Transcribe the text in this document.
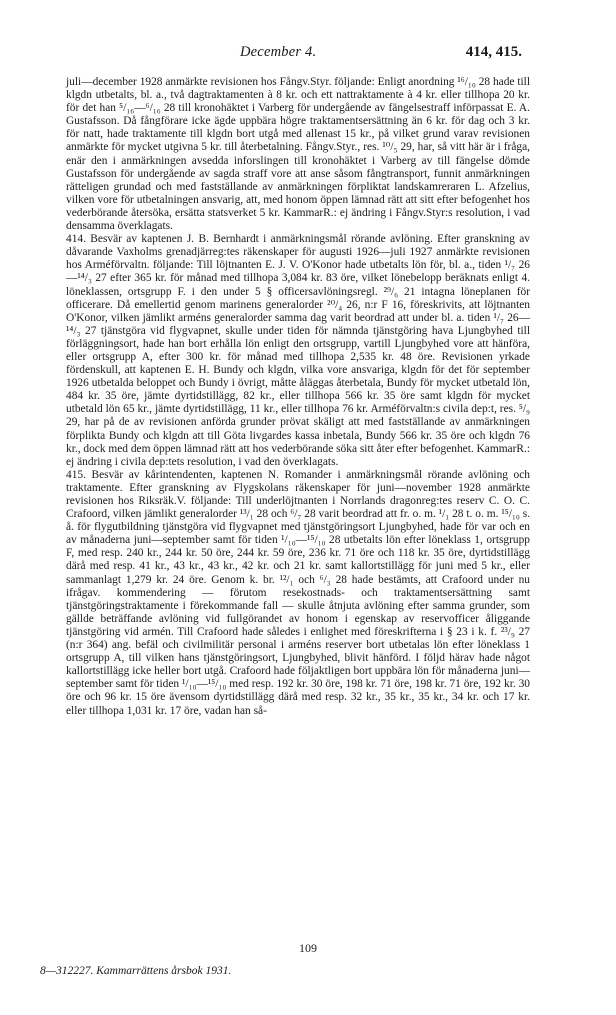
December 4.	414, 415.

juli—december 1928 anmärkte revisionen hos Fångv.Styr. följande: Enligt anordning ¹⁶/₁₀ 28 hade till klgdn utbetalts, bl. a., två dagtraktamenten à 8 kr. och ett nattraktamente à 4 kr. eller tillhopa 20 kr. för det han ⁵/₁₆—⁶/₁₆ 28 till kronohäktet i Varberg för undergående av fängelsestraff införpassat E. A. Gustafsson. Då fångförare icke ägde uppbära högre traktamentsersättning än 6 kr. för dag och 3 kr. för natt, hade traktamente till klgdn bort utgå med allenast 15 kr., på vilket grund varav revisionen anmärkte för mycket utgivna 5 kr. till återbetalning. Fångv.Styr., res. ¹⁰/₅ 29, har, så vitt här är i fråga, enär den i anmärkningen avsedda inforslingen till kronohäktet i Varberg av till fängelse dömde Gustafsson för undergående av sagda straff vore att anse såsom fångtransport, funnit anmärkningen rätteligen grundad och med fastställande av anmärkningen förpliktat landskamreraren L. Afzelius, vilken vore för utbetalningen ansvarig, att, med honom öppen lämnad rätt att sitt efter befogenhet hos vederbörande återsöka, ersätta statsverket 5 kr. KammarR.: ej ändring i Fångv.Styr:s resolution, i vad densamma överklagats.

414. Besvär av kaptenen J. B. Bernhardt i anmärkningsmål rörande avlöning. Efter granskning av dåvarande Vaxholms grenadjärreg:tes räkenskaper för augusti 1926—juli 1927 anmärkte revisionen hos Arméförvaltn. följande: Till löjtnanten E. J. V. O'Konor hade utbetalts lön för, bl. a., tiden ¹/₇ 26—¹⁴/₃ 27 efter 365 kr. för månad med tillhopa 3,084 kr. 83 öre, vilket lönebelopp beräknats enligt 4. löneklassen, ortsgrupp F. i den under 5 § officersavlöningsregl. ²⁹/₆ 21 intagna löneplanen för officerare. Då emellertid genom marinens generalorder ²⁰/₄ 26, n:r F 16, föreskrivits, att löjtnanten O'Konor, vilken jämlikt arméns generalorder samma dag varit beordrad att under bl. a. tiden ¹/₇ 26—¹⁴/₃ 27 tjänstgöra vid flygvapnet, skulle under tiden för nämnda tjänstgöring hava Ljungbyhed till förläggningsort, hade han bort erhålla lön enligt den ortsgrupp, vartill Ljungbyhed vore att hänföra, eller ortsgrupp A, efter 300 kr. för månad med tillhopa 2,535 kr. 48 öre. Revisionen yrkade fördenskull, att kaptenen E. H. Bundy och klgdn, vilka vore ansvariga, klgdn för det för september 1926 utbetalda beloppet och Bundy i övrigt, måtte åläggas återbetala, Bundy för mycket utbetald lön, 484 kr. 35 öre, jämte dyrtidstillägg, 82 kr., eller tillhopa 566 kr. 35 öre samt klgdn för mycket utbetald lön 65 kr., jämte dyrtidstillägg, 11 kr., eller tillhopa 76 kr. Arméförvaltn:s civila dep:t, res. ⁵/₉ 29, har på de av revisionen anförda grunder prövat skäligt att med fastställande av anmärkningen förplikta Bundy och klgdn att till Göta livgardes kassa inbetala, Bundy 566 kr. 35 öre och klgdn 76 kr., dock med dem öppen lämnad rätt att hos vederbörande söka sitt åter efter befogenhet. KammarR.: ej ändring i civila dep:tets resolution, i vad den överklagats.

415. Besvär av kårintendenten, kaptenen N. Romander i anmärkningsmål rörande avlöning och traktamente. Efter granskning av Flygskolans räkenskaper för juni—november 1928 anmärkte revisionen hos Riksräk.V. följande: Till underlöjtnanten i Norrlands dragonreg:tes reserv C. O. C. Crafoord, vilken jämlikt generalorder ¹³/₁ 28 och ⁶/₇ 28 varit beordrad att fr. o. m. ¹/₁ 28 t. o. m. ¹⁵/₁₀ s. å. för flygutbildning tjänstgöra vid flygvapnet med tjänstgöringsort Ljungbyhed, hade för var och en av månaderna juni—september samt för tiden ¹/₁₀—¹⁵/₁₀ 28 utbetalts lön efter löneklass 1, ortsgrupp F, med resp. 240 kr., 244 kr. 50 öre, 244 kr. 59 öre, 236 kr. 71 öre och 118 kr. 35 öre, dyrtidstillägg därå med resp. 41 kr., 43 kr., 43 kr., 42 kr. och 21 kr. samt kallortstillägg för juni med 5 kr., eller sammanlagt 1,279 kr. 24 öre. Genom k. br. ¹²/₁ och ⁶/₃ 28 hade bestämts, att Crafoord under nu ifrågav. kommendering — förutom resekostnads- och traktamentsersättning samt tjänstgöringstraktamente i förekommande fall — skulle åtnjuta avlöning efter samma grunder, som gällde beträffande avlöning vid fullgörandet av honom i egenskap av reservofficer åliggande tjänstgöring vid armén. Till Crafoord hade således i enlighet med föreskrifterna i § 23 i k. f. ²³/₉ 27 (n:r 364) ang. befäl och civilmilitär personal i arméns reserver bort utbetalas lön efter löneklass 1 ortsgrupp A, till vilken hans tjänstgöringsort, Ljungbyhed, blivit hänförd. I följd härav hade något kallortstillägg icke heller bort utgå. Crafoord hade följaktligen bort uppbära lön för månaderna juni—september samt för tiden ¹/₁₀—¹⁵/₁₀ med resp. 192 kr. 30 öre, 198 kr. 71 öre, 198 kr. 71 öre, 192 kr. 30 öre och 96 kr. 15 öre ävensom dyrtidstillägg därå med resp. 32 kr., 35 kr., 35 kr., 34 kr. och 17 kr. eller tillhopa 1,031 kr. 17 öre, vadan han så-

109
8—312227. Kammarrättens årsbok 1931.
